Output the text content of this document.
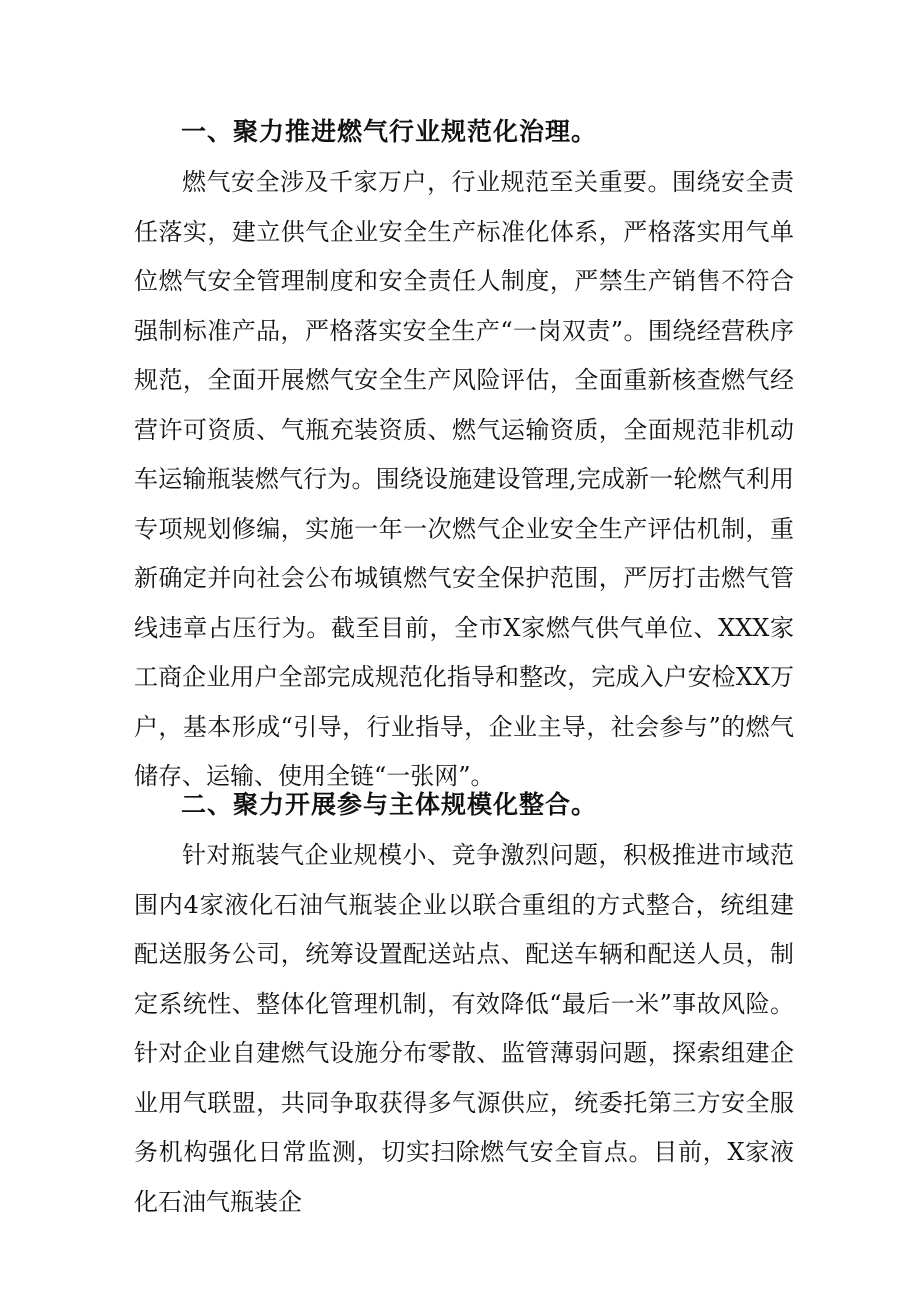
一、聚力推进燃气行业规范化治理。
燃气安全涉及千家万户，行业规范至关重要。围绕安全责任落实，建立供气企业安全生产标准化体系，严格落实用气单位燃气安全管理制度和安全责任人制度，严禁生产销售不符合强制标准产品，严格落实安全生产“一岗双责”。围绕经营秩序规范，全面开展燃气安全生产风险评估，全面重新核查燃气经营许可资质、气瓶充装资质、燃气运输资质，全面规范非机动车运输瓶装燃气行为。围绕设施建设管理,完成新一轮燃气利用专项规划修编，实施一年一次燃气企业安全生产评估机制，重新确定并向社会公布城镇燃气安全保护范围，严厉打击燃气管线违章占压行为。截至目前，全市X家燃气供气单位、XXX家工商企业用户全部完成规范化指导和整改，完成入户安检XX万户，基本形成“引导，行业指导，企业主导，社会参与”的燃气储存、运输、使用全链“一张网”。
二、聚力开展参与主体规模化整合。
针对瓶装气企业规模小、竞争激烈问题，积极推进市域范围内4家液化石油气瓶装企业以联合重组的方式整合，统组建配送服务公司，统筹设置配送站点、配送车辆和配送人员，制定系统性、整体化管理机制，有效降低“最后一米”事故风险。针对企业自建燃气设施分布零散、监管薄弱问题，探索组建企业用气联盟，共同争取获得多气源供应，统委托第三方安全服务机构强化日常监测，切实扫除燃气安全盲点。目前，X家液化石油气瓶装企
